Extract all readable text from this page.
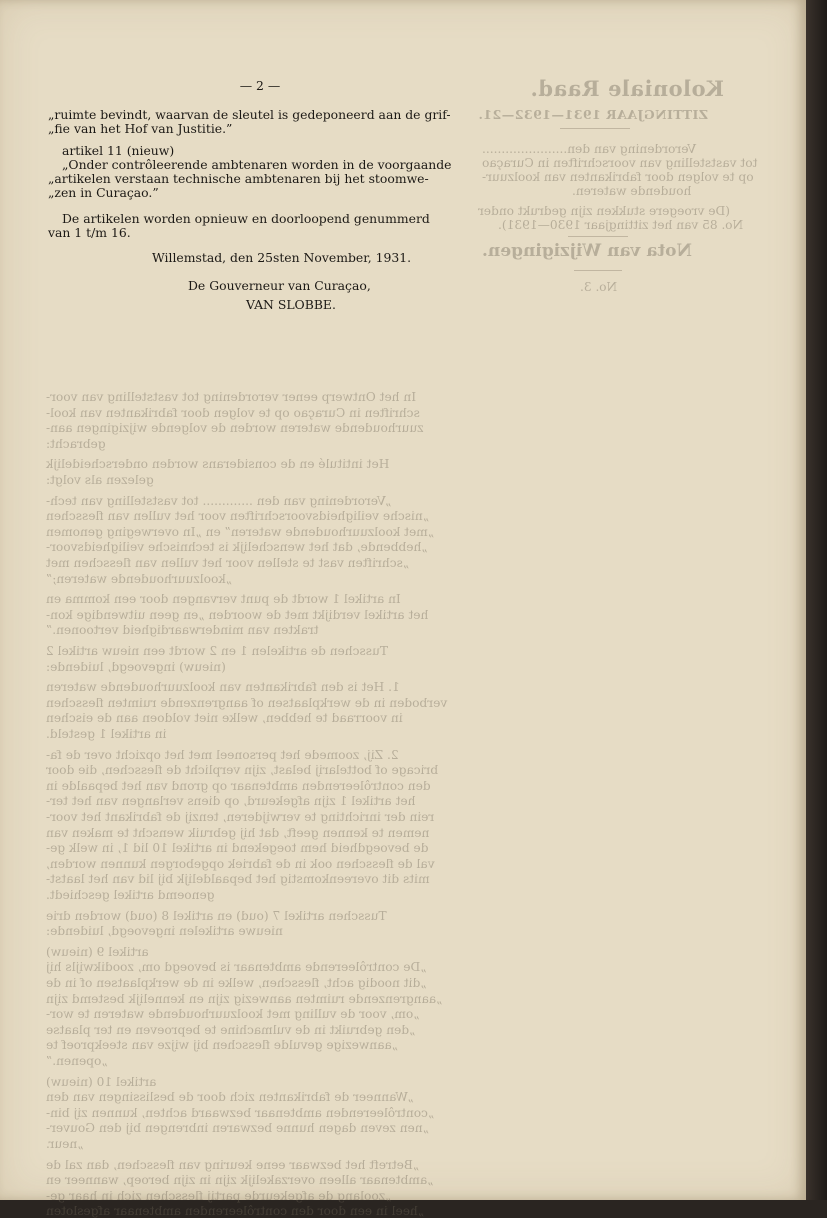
Koloniale Raad.
ZITTINGJAAR 1931—1932—21.
Verordening van den......................
tot vaststelling van voorschriften in Curaçao
op te volgen door fabrikanten van koolzuur-
houdende wateren.
(De vroegere stukken zijn gedrukt onder
No. 85 van het zittingjaar 1930—1931).
Nota van Wijzigingen.
No. 3.
In het Ontwerp eener verordening tot vaststelling van voor-
schriften in Curaçao op te volgen door fabrikanten van kool-
zuurhoudende wateren worden de volgende wijzigingen aan-
gebracht:
Het intitulé en de considerans worden onderscheidelijk
gelezen als volgt:
„Verordening van den ............. tot vaststelling van tech-
„nische veiligheidsvoorschriften voor het vullen van flesschen
„met koolzuurhoudende wateren” en „In overweging genomen
„hebbende, dat het wenschelijk is technische veiligheidsvoor-
„schriften vast te stellen voor het vullen van flesschen met
„koolzuurhoudende wateren;”
In artikel 1 wordt de punt vervangen door een komma en
het artikel verdijkt met de woorden „en geen uitwendige kon-
trakten van minderwaardigheid vertoonen.”
Tusschen de artikelen 1 en 2 wordt een nieuw artikel 2
(nieuw) ingevoegd, luidende:
1. Het is den fabrikanten van koolzuurhoudende wateren
verboden in de werkplaatsen of aangrenzende ruimten flesschen
in voorraad te hebben, welke niet voldoen aan de eischen
in artikel 1 gesteld.
2. Zij, zoomede het personeel met het opzicht over de fa-
bricage of bottelarij belast, zijn verplicht de flesschen, die door
den contrôleerenden ambtenaar op grond van het bepaalde in
het artikel 1 zijn afgekeurd, op diens verlangen van het ter-
rein der inrichting te verwijderen, tenzij de fabrikant het voor-
nemen te kennen geeft, dat hij gebruik wenscht te maken van
de bevoegdheid hem toegekend in artikel 10 lid 1, in welk ge-
val de flesschen ook in de fabriek opgeborgen kunnen worden,
mits dit overeenkomstig het bepaaldelijk bij lid van het laatst-
genoemd artikel geschiedt.
Tusschen artikel 7 (oud) en artikel 8 (oud) worden drie
nieuwe artikelen ingevoegd, luidende:
artikel 9 (nieuw)
„De contrôleerende ambtenaar is bevoegd om, zoodikwijls hij
„dit noodig acht, flesschen, welke in de werkplaatsen of in de
„aangrenzende ruimten aanwezig zijn en kennelijk bestemd zijn
„om, voor de vulling met koolzuurhoudende wateren te wor-
„den gebruikt in de vulmachine te beproeven en ter plaatse
„aanwezige gevulde flesschen bij wijze van steekproef te
„openen.”
artikel 10 (nieuw)
„Wanneer de fabrikanten zich door de beslissingen van den
„contrôleerenden ambtenaar bezwaard achten, kunnen zij bin-
„nen zeven dagen hunne bezwaren inbrengen bij den Gouver-
„neur.
„Betreft het bezwaar eene keuring van flesschen, dan zal de
„ambtenaar alleen overzakelijk zijn in zijn beroep, wanneer en
„zoolang de afgekeurde partij flesschen zich in haar ge-
„heel in een door den contrôleerenden ambtenaar afgesloten
— 2 —
„ruimte bevindt, waarvan de sleutel is gedeponeerd aan de grif-
„fie van het Hof van Justitie.”
artikel 11 (nieuw)
„Onder contrôleerende ambtenaren worden in de voorgaande
„artikelen verstaan technische ambtenaren bij het stoomwe-
„zen in Curaçao.”
De artikelen worden opnieuw en doorloopend genummerd
van 1 t/m 16.
Willemstad, den 25sten November, 1931.
De Gouverneur van Curaçao,
VAN SLOBBE.
